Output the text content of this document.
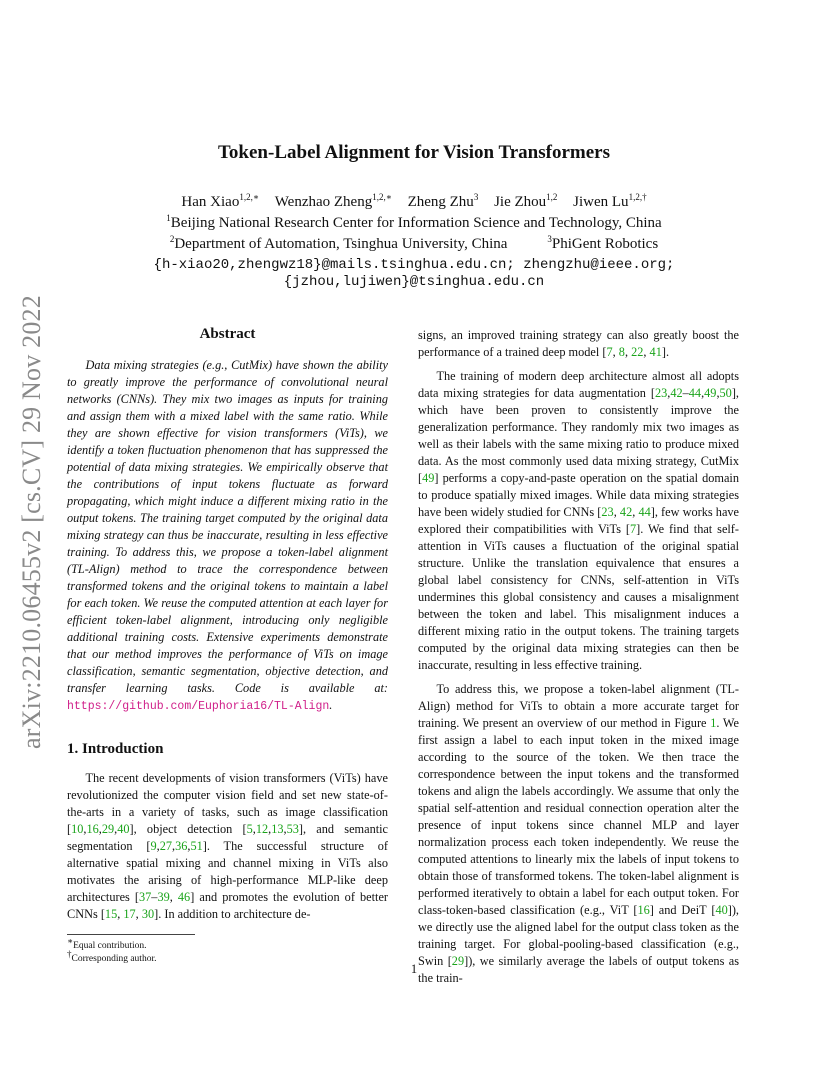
arXiv:2210.06455v2 [cs.CV] 29 Nov 2022
Token-Label Alignment for Vision Transformers
Han Xiao$^{1,2,∗}$ Wenzhao Zheng$^{1,2,∗}$ Zheng Zhu$^3$ Jie Zhou$^{1,2}$ Jiwen $Lu^{1,2,\dagger}$
$^1$Beijing National Research Center for Information Science and Technology, China
$^2$Department of Automation, Tsinghua University, China	$^3$PhiGent Robotics
{h-xiao20,zhengwz18}@mails.tsinghua.edu.cn; zhengzhu@ieee.org;
{jzhou,lujiwen}@tsinghua.edu.cn
Abstract

Data mixing strategies (e.g., CutMix) have shown the ability to greatly improve the performance of convolutional neural networks (CNNs). They mix two images as inputs for training and assign them with a mixed label with the same ratio. While they are shown effective for vision transformers (ViTs), we identify a token fluctuation phenomenon that has suppressed the potential of data mixing strategies. We empirically observe that the contributions of input tokens fluctuate as forward propagating, which might induce a different mixing ratio in the output tokens. The training target computed by the original data mixing strategy can thus be inaccurate, resulting in less effective training. To address this, we propose a token-label alignment (TL-Align) method to trace the correspondence between transformed tokens and the original tokens to maintain a label for each token. We reuse the computed attention at each layer for efficient token-label alignment, introducing only negligible additional training costs. Extensive experiments demonstrate that our method improves the performance of ViTs on image classification, semantic segmentation, objective detection, and transfer learning tasks. Code is available at: https://github.com/Euphoria16/TL-Align.

1. Introduction

The recent developments of vision transformers (ViTs) have revolutionized the computer vision field and set new state-of-the-arts in a variety of tasks, such as image classification [10,16,29,40], object detection [5,12,13,53], and semantic segmentation [9,27,36,51]. The successful structure of alternative spatial mixing and channel mixing in ViTs also motivates the arising of high-performance MLP-like deep architectures [37–39, 46] and promotes the evolution of better CNNs [15, 17, 30]. In addition to architecture de-

∗Equal contribution.
†Corresponding author.

signs, an improved training strategy can also greatly boost the performance of a trained deep model [7, 8, 22, 41].

The training of modern deep architecture almost all adopts data mixing strategies for data augmentation [23,42–44,49,50], which have been proven to consistently improve the generalization performance. They randomly mix two images as well as their labels with the same mixing ratio to produce mixed data. As the most commonly used data mixing strategy, CutMix [49] performs a copy-and-paste operation on the spatial domain to produce spatially mixed images. While data mixing strategies have been widely studied for CNNs [23, 42, 44], few works have explored their compatibilities with ViTs [7]. We find that self-attention in ViTs causes a fluctuation of the original spatial structure. Unlike the translation equivalence that ensures a global label consistency for CNNs, self-attention in ViTs undermines this global consistency and causes a misalignment between the token and label. This misalignment induces a different mixing ratio in the output tokens. The training targets computed by the original data mixing strategies can then be inaccurate, resulting in less effective training.

To address this, we propose a token-label alignment (TL-Align) method for ViTs to obtain a more accurate target for training. We present an overview of our method in Figure 1. We first assign a label to each input token in the mixed image according to the source of the token. We then trace the correspondence between the input tokens and the transformed tokens and align the labels accordingly. We assume that only the spatial self-attention and residual connection operation alter the presence of input tokens since channel MLP and layer normalization process each token independently. We reuse the computed attentions to linearly mix the labels of input tokens to obtain those of transformed tokens. The token-label alignment is performed iteratively to obtain a label for each output token. For class-token-based classification (e.g., ViT [16] and DeiT [40]), we directly use the aligned label for the output class token as the training target. For global-pooling-based classification (e.g., Swin [29]), we similarly average the labels of output tokens as the train-

1
